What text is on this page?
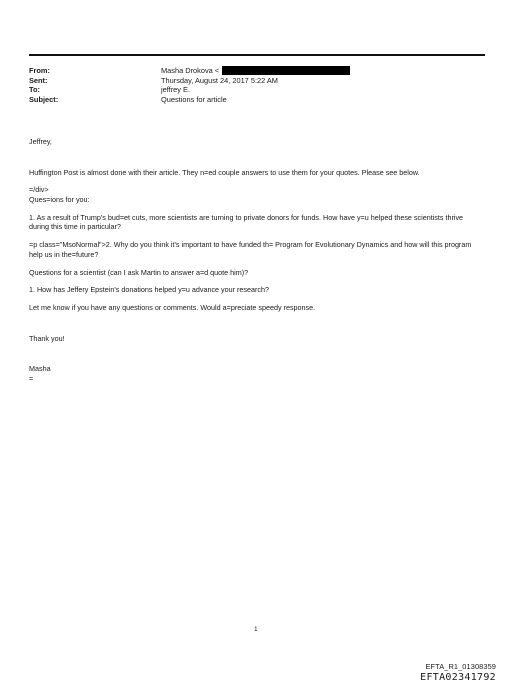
From:	Masha Drokova <
Sent:	Thursday, August 24, 2017 5:22 AM
To:	jeffrey E.
Subject:	Questions for article

Jeffrey,

Huffington Post is almost done with their article. They n=ed couple answers to use them for your quotes. Please see below.

=/div>

Ques=ions for you:

1. As a result of Trump's bud=et cuts, more scientists are turning to private donors for funds. How have y=u helped these scientists thrive during this time in particular?

=p class="MsoNormal">2. Why do you think it's important to have funded th= Program for Evolutionary Dynamics and how will this program help us in the=future?

Questions for a scientist (can I ask Martin to answer a=d quote him)?

1. How has Jeffery Epstein's donations helped y=u advance your research?

Let me know if you have any questions or comments. Would a=preciate speedy response.

Thank you!

Masha

=

1
EFTA_R1_01308359
EFTA02341792
